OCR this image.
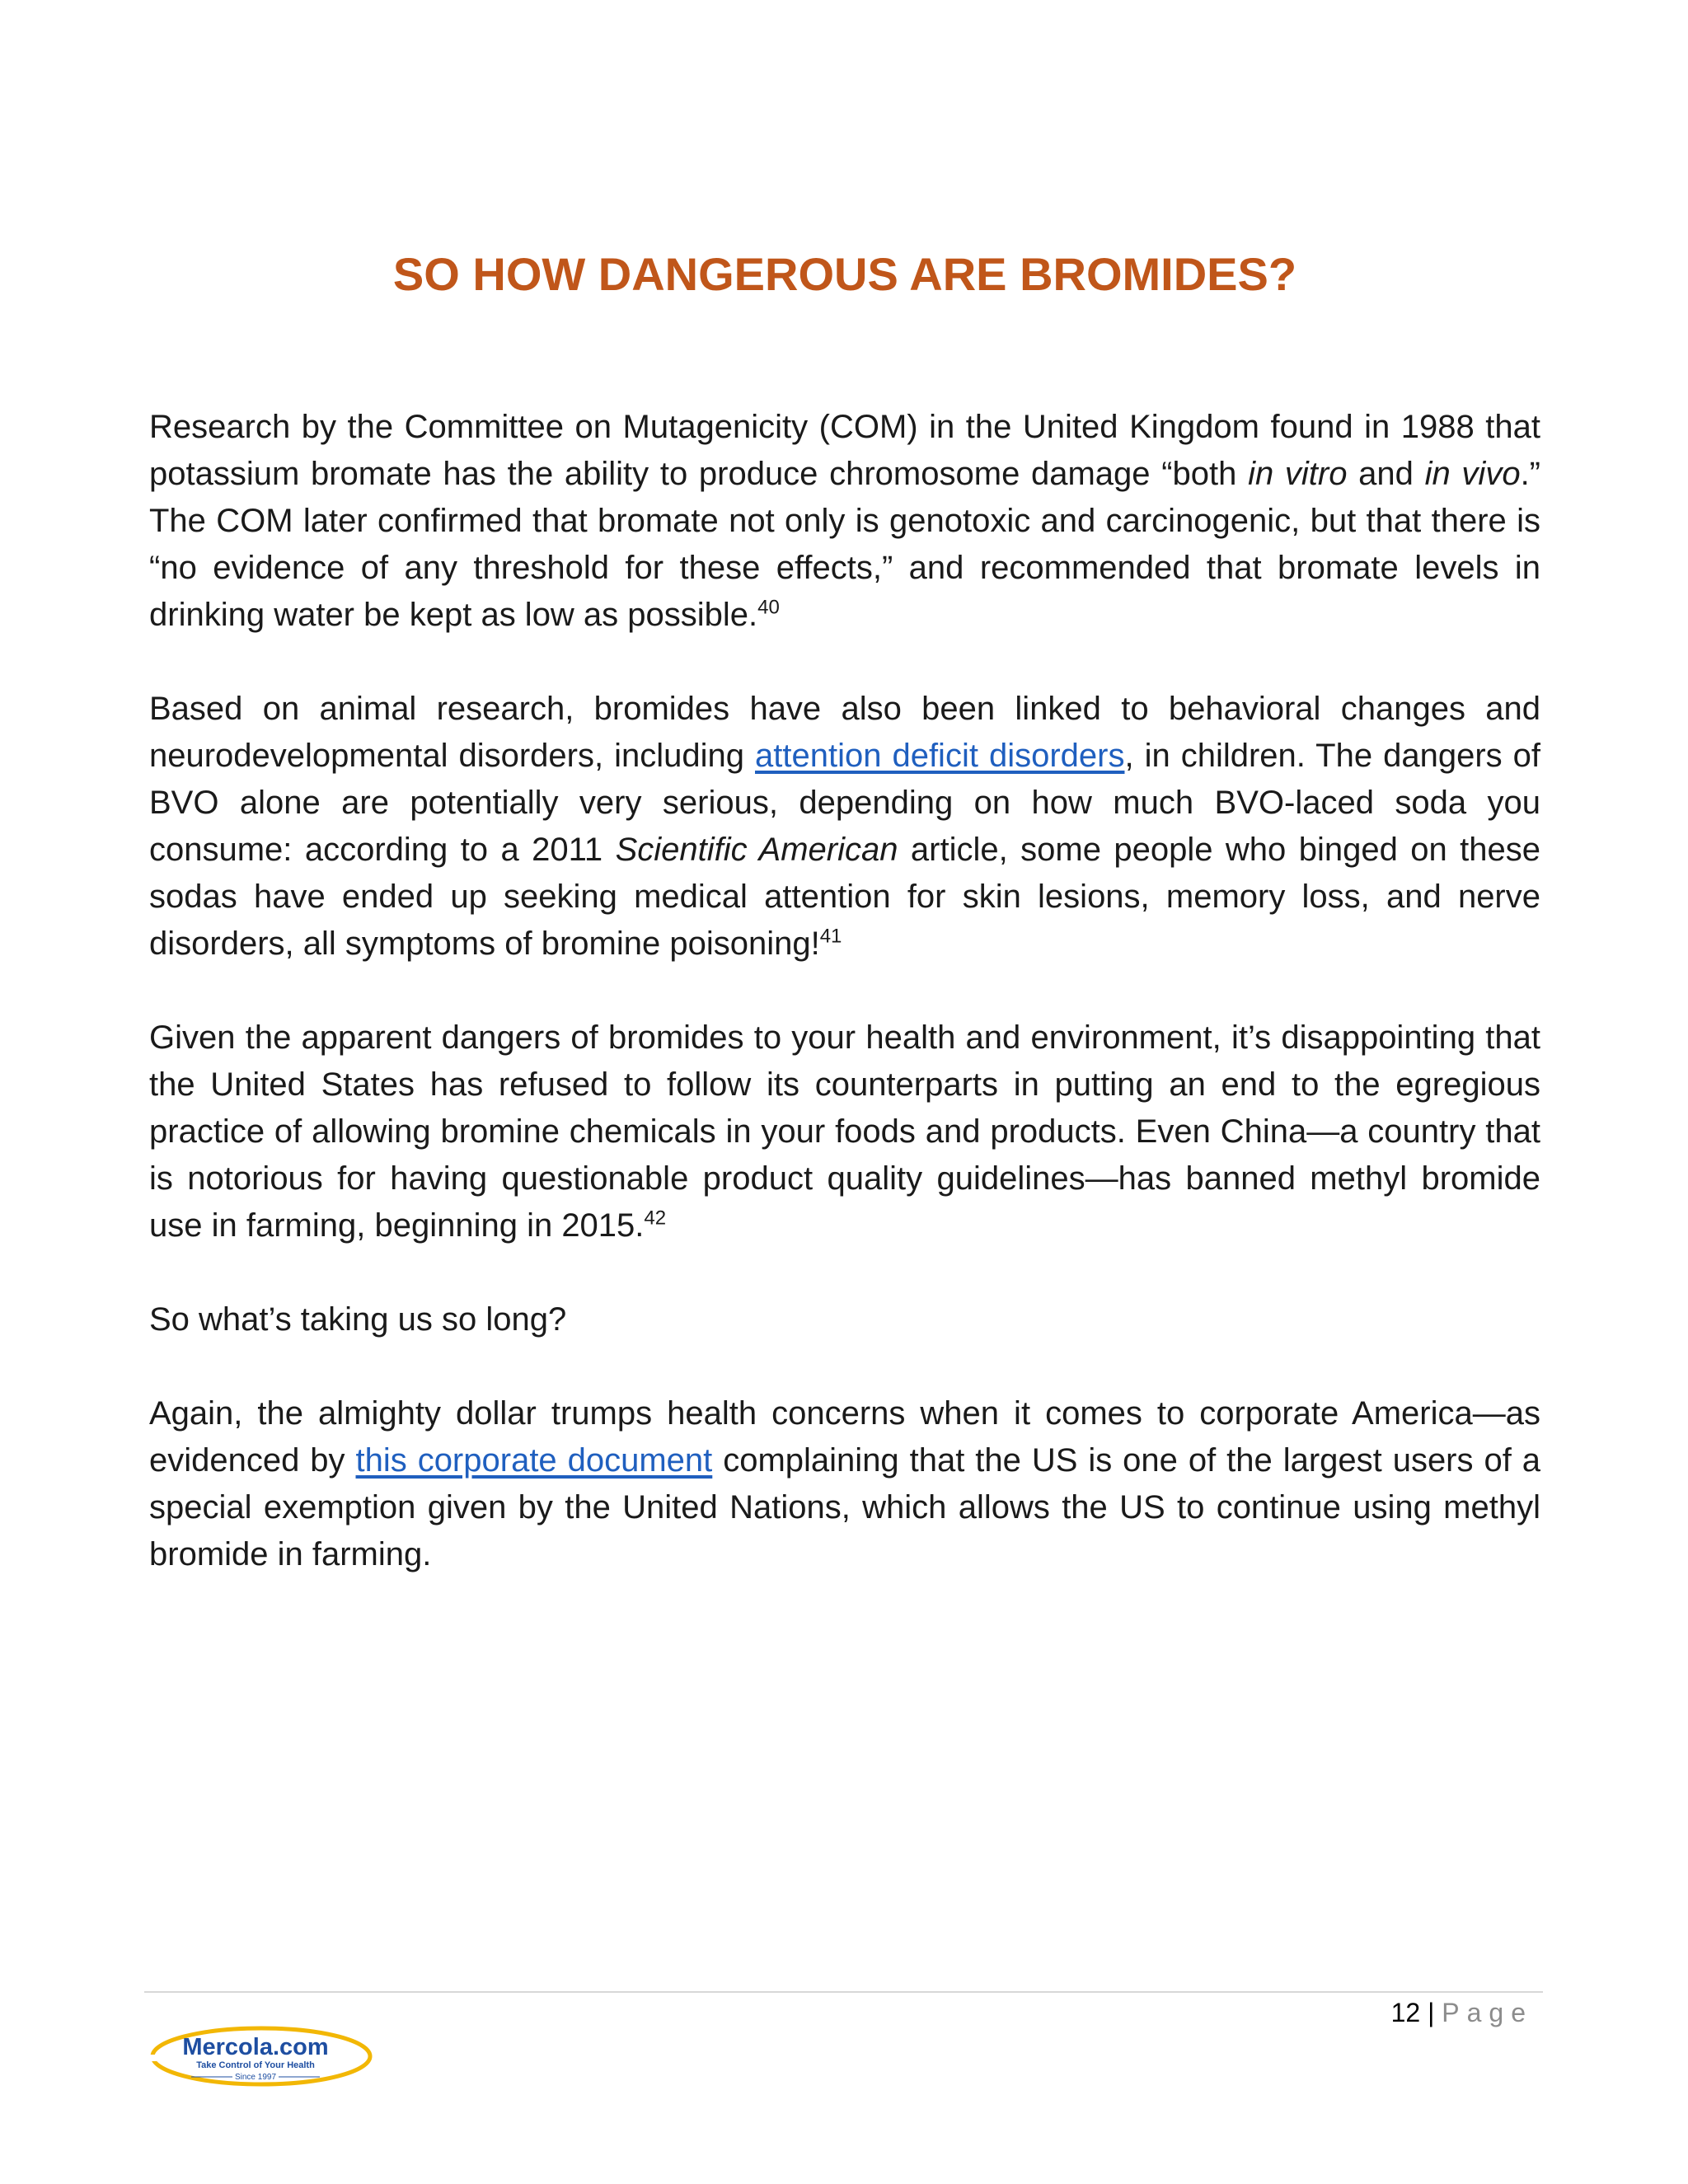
SO HOW DANGEROUS ARE BROMIDES?

Research by the Committee on Mutagenicity (COM) in the United Kingdom found in 1988 that potassium bromate has the ability to produce chromosome damage “both in vitro and in vivo.” The COM later confirmed that bromate not only is genotoxic and carcinogenic, but that there is “no evidence of any threshold for these effects,” and recommended that bromate levels in drinking water be kept as low as possible.$^{40}$

Based on animal research, bromides have also been linked to behavioral changes and neurodevelopmental disorders, including attention deficit disorders, in children. The dangers of BVO alone are potentially very serious, depending on how much BVO-laced soda you consume: according to a 2011 Scientific American article, some people who binged on these sodas have ended up seeking medical attention for skin lesions, memory loss, and nerve disorders, all symptoms of bromine poisoning!$^{41}$

Given the apparent dangers of bromides to your health and environment, it’s disappointing that the United States has refused to follow its counterparts in putting an end to the egregious practice of allowing bromine chemicals in your foods and products. Even China—a country that is notorious for having questionable product quality guidelines—has banned methyl bromide use in farming, beginning in 2015.42

So what’s taking us so long?

Again, the almighty dollar trumps health concerns when it comes to corporate America—as evidenced by this corporate document complaining that the US is one of the largest users of a special exemption given by the United Nations, which allows the US to continue using methyl bromide in farming.

12 | Page
Mercola.com
Take Control of Your Health
Since 1997
